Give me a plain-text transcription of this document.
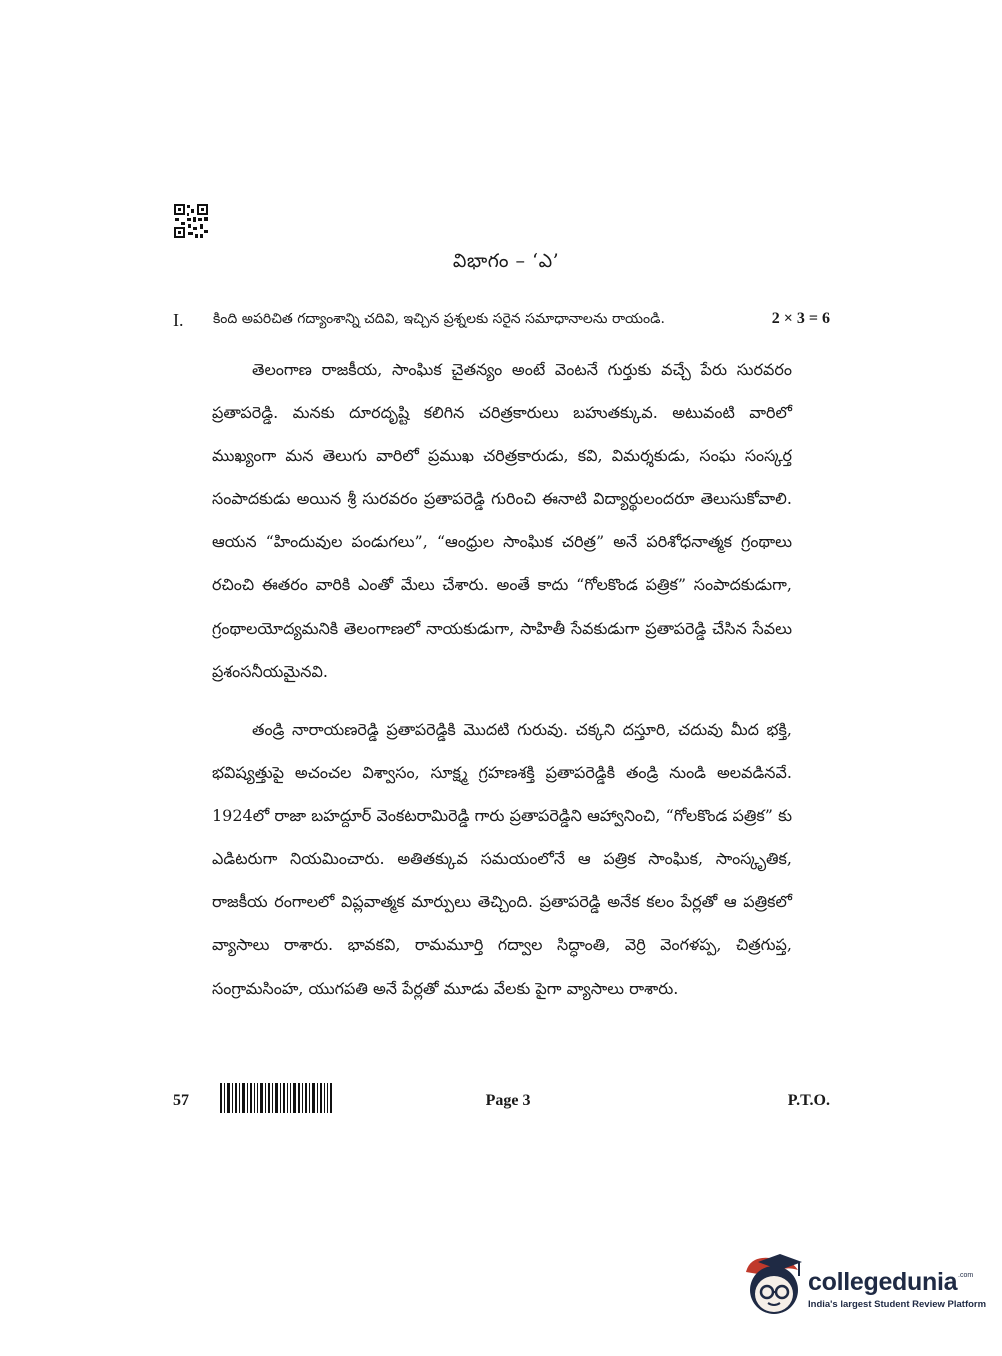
విభాగం – ‘ఎ’
I. కింది అపరిచిత గద్యాంశాన్ని చదివి, ఇచ్చిన ప్రశ్నలకు సరైన సమాధానాలను రాయండి.	2 × 3 = 6
తెలంగాణ రాజకీయ, సాంఘిక చైతన్యం అంటే వెంటనే గుర్తుకు వచ్చే పేరు సురవరం ప్రతాపరెడ్డి. మనకు దూరదృష్టి కలిగిన చరిత్రకారులు బహుతక్కువ. అటువంటి వారిలో ముఖ్యంగా మన తెలుగు వారిలో ప్రముఖ చరిత్రకారుడు, కవి, విమర్శకుడు, సంఘ సంస్కర్త సంపాదకుడు అయిన శ్రీ సురవరం ప్రతాపరెడ్డి గురించి ఈనాటి విద్యార్థులందరూ తెలుసుకోవాలి. ఆయన “హిందువుల పండుగలు”, “ఆంధ్రుల సాంఘిక చరిత్ర” అనే పరిశోధనాత్మక గ్రంథాలు రచించి ఈతరం వారికి ఎంతో మేలు చేశారు. అంతే కాదు “గోలకొండ పత్రిక” సంపాదకుడుగా, గ్రంథాలయోద్యమనికి తెలంగాణలో నాయకుడుగా, సాహితీ సేవకుడుగా ప్రతాపరెడ్డి చేసిన సేవలు ప్రశంసనీయమైనవి.
తండ్రి నారాయణరెడ్డి ప్రతాపరెడ్డికి మొదటి గురువు. చక్కని దస్తూరి, చదువు మీద భక్తి, భవిష్యత్తుపై అచంచల విశ్వాసం, సూక్ష్మ గ్రహణశక్తి ప్రతాపరెడ్డికి తండ్రి నుండి అలవడినవే. 1924లో రాజా బహద్దూర్ వెంకటరామిరెడ్డి గారు ప్రతాపరెడ్డిని ఆహ్వానించి, “గోలకొండ పత్రిక” కు ఎడిటరుగా నియమించారు. అతితక్కువ సమయంలోనే ఆ పత్రిక సాంఘిక, సాంస్కృతిక, రాజకీయ రంగాలలో విప్లవాత్మక మార్పులు తెచ్చింది. ప్రతాపరెడ్డి అనేక కలం పేర్లతో ఆ పత్రికలో వ్యాసాలు రాశారు. భావకవి, రామమూర్తి గద్వాల సిద్ధాంతి, వెర్రి వెంగళప్ప, చిత్రగుప్త, సంగ్రామసింహ, యుగపతి అనే పేర్లతో మూడు వేలకు పైగా వ్యాసాలు రాశారు.
57	Page 3	P.T.O.
collegedunia .com
India's largest Student Review Platform
